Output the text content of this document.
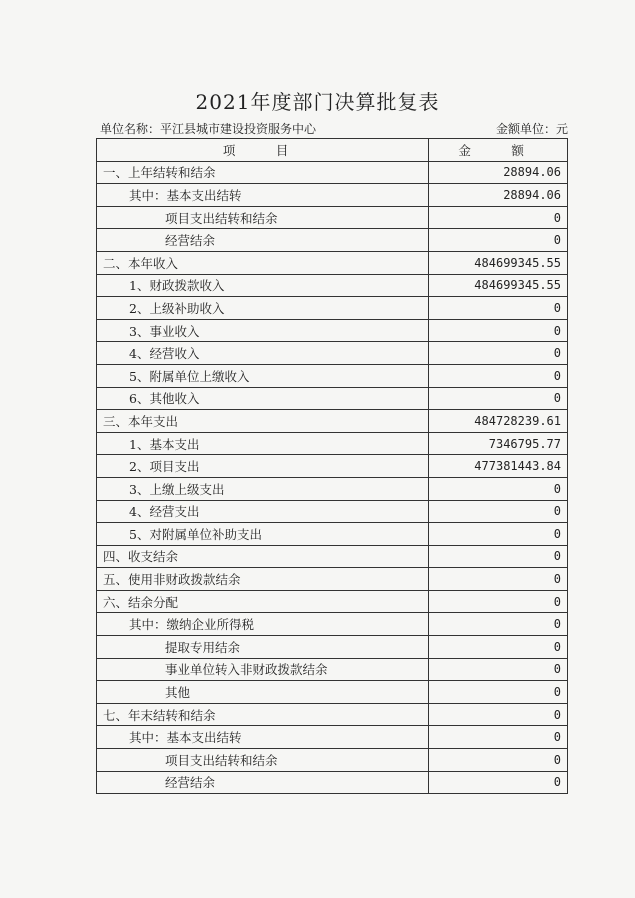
2021年度部门决算批复表
单位名称：平江县城市建设投资服务中心	金额单位：元
项　目	金　额
一、上年结转和结余	28894.06
其中：基本支出结转	28894.06
项目支出结转和结余	0
经营结余	0
二、本年收入	484699345.55
1、财政拨款收入	484699345.55
2、上级补助收入	0
3、事业收入	0
4、经营收入	0
5、附属单位上缴收入	0
6、其他收入	0
三、本年支出	484728239.61
1、基本支出	7346795.77
2、项目支出	477381443.84
3、上缴上级支出	0
4、经营支出	0
5、对附属单位补助支出	0
四、收支结余	0
五、使用非财政拨款结余	0
六、结余分配	0
其中：缴纳企业所得税	0
提取专用结余	0
事业单位转入非财政拨款结余	0
其他	0
七、年末结转和结余	0
其中：基本支出结转	0
项目支出结转和结余	0
经营结余	0
